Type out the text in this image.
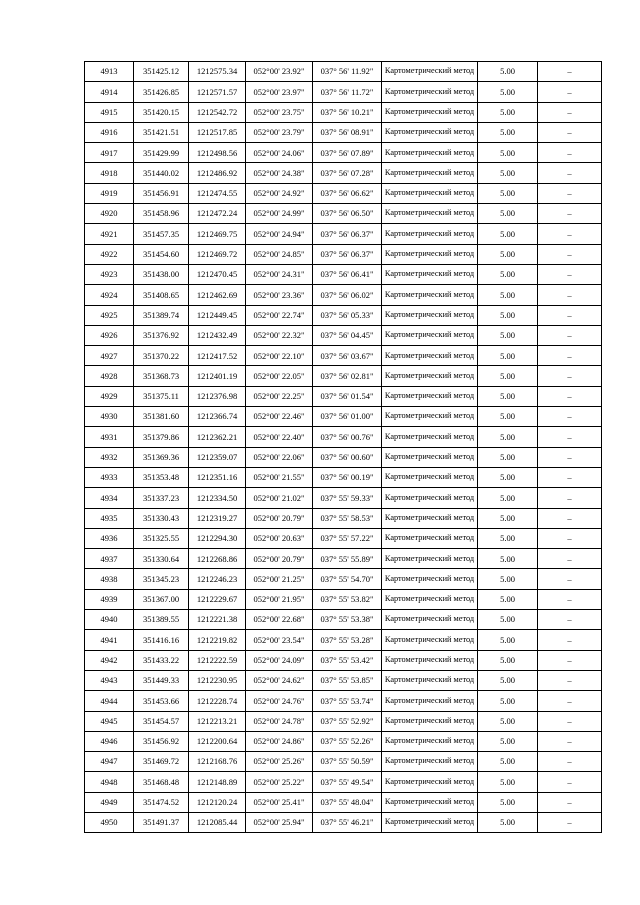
4913	351425.12	1212575.34	052°00' 23.92"	037° 56' 11.92"	Картометрический метод	5.00	–
4914	351426.85	1212571.57	052°00' 23.97"	037° 56' 11.72"	Картометрический метод	5.00	–
4915	351420.15	1212542.72	052°00' 23.75"	037° 56' 10.21"	Картометрический метод	5.00	–
4916	351421.51	1212517.85	052°00' 23.79"	037° 56' 08.91"	Картометрический метод	5.00	–
4917	351429.99	1212498.56	052°00' 24.06"	037° 56' 07.89"	Картометрический метод	5.00	–
4918	351440.02	1212486.92	052°00' 24.38"	037° 56' 07.28"	Картометрический метод	5.00	–
4919	351456.91	1212474.55	052°00' 24.92"	037° 56' 06.62"	Картометрический метод	5.00	–
4920	351458.96	1212472.24	052°00' 24.99"	037° 56' 06.50"	Картометрический метод	5.00	–
4921	351457.35	1212469.75	052°00' 24.94"	037° 56' 06.37"	Картометрический метод	5.00	–
4922	351454.60	1212469.72	052°00' 24.85"	037° 56' 06.37"	Картометрический метод	5.00	–
4923	351438.00	1212470.45	052°00' 24.31"	037° 56' 06.41"	Картометрический метод	5.00	–
4924	351408.65	1212462.69	052°00' 23.36"	037° 56' 06.02"	Картометрический метод	5.00	–
4925	351389.74	1212449.45	052°00' 22.74"	037° 56' 05.33"	Картометрический метод	5.00	–
4926	351376.92	1212432.49	052°00' 22.32"	037° 56' 04.45"	Картометрический метод	5.00	–
4927	351370.22	1212417.52	052°00' 22.10"	037° 56' 03.67"	Картометрический метод	5.00	–
4928	351368.73	1212401.19	052°00' 22.05"	037° 56' 02.81"	Картометрический метод	5.00	–
4929	351375.11	1212376.98	052°00' 22.25"	037° 56' 01.54"	Картометрический метод	5.00	–
4930	351381.60	1212366.74	052°00' 22.46"	037° 56' 01.00"	Картометрический метод	5.00	–
4931	351379.86	1212362.21	052°00' 22.40"	037° 56' 00.76"	Картометрический метод	5.00	–
4932	351369.36	1212359.07	052°00' 22.06"	037° 56' 00.60"	Картометрический метод	5.00	–
4933	351353.48	1212351.16	052°00' 21.55"	037° 56' 00.19"	Картометрический метод	5.00	–
4934	351337.23	1212334.50	052°00' 21.02"	037° 55' 59.33"	Картометрический метод	5.00	–
4935	351330.43	1212319.27	052°00' 20.79"	037° 55' 58.53"	Картометрический метод	5.00	–
4936	351325.55	1212294.30	052°00' 20.63"	037° 55' 57.22"	Картометрический метод	5.00	–
4937	351330.64	1212268.86	052°00' 20.79"	037° 55' 55.89"	Картометрический метод	5.00	–
4938	351345.23	1212246.23	052°00' 21.25"	037° 55' 54.70"	Картометрический метод	5.00	–
4939	351367.00	1212229.67	052°00' 21.95"	037° 55' 53.82"	Картометрический метод	5.00	–
4940	351389.55	1212221.38	052°00' 22.68"	037° 55' 53.38"	Картометрический метод	5.00	–
4941	351416.16	1212219.82	052°00' 23.54"	037° 55' 53.28"	Картометрический метод	5.00	–
4942	351433.22	1212222.59	052°00' 24.09"	037° 55' 53.42"	Картометрический метод	5.00	–
4943	351449.33	1212230.95	052°00' 24.62"	037° 55' 53.85"	Картометрический метод	5.00	–
4944	351453.66	1212228.74	052°00' 24.76"	037° 55' 53.74"	Картометрический метод	5.00	–
4945	351454.57	1212213.21	052°00' 24.78"	037° 55' 52.92"	Картометрический метод	5.00	–
4946	351456.92	1212200.64	052°00' 24.86"	037° 55' 52.26"	Картометрический метод	5.00	–
4947	351469.72	1212168.76	052°00' 25.26"	037° 55' 50.59"	Картометрический метод	5.00	–
4948	351468.48	1212148.89	052°00' 25.22"	037° 55' 49.54"	Картометрический метод	5.00	–
4949	351474.52	1212120.24	052°00' 25.41"	037° 55' 48.04"	Картометрический метод	5.00	–
4950	351491.37	1212085.44	052°00' 25.94"	037° 55' 46.21"	Картометрический метод	5.00	–
